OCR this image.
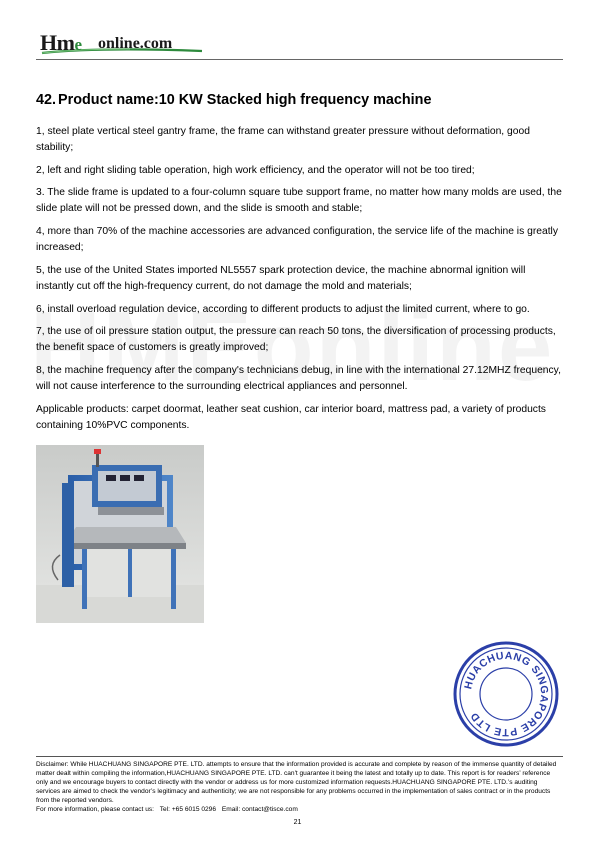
Hme online.com
42. Product name:10 KW Stacked high frequency machine

1, steel plate vertical steel gantry frame, the frame can withstand greater pressure without deformation, good stability;

2, left and right sliding table operation, high work efficiency, and the operator will not be too tired;

3. The slide frame is updated to a four-column square tube support frame, no matter how many molds are used, the slide plate will not be pressed down, and the slide is smooth and stable;

4, more than 70% of the machine accessories are advanced configuration, the service life of the machine is greatly increased;

5, the use of the United States imported NL5557 spark protection device, the machine abnormal ignition will instantly cut off the high-frequency current, do not damage the mold and materials;

6, install overload regulation device, according to different products to adjust the limited current, where to go.

7, the use of oil pressure station output, the pressure can reach 50 tons, the diversification of processing products, the benefit space of customers is greatly improved;

8, the machine frequency after the company's technicians debug, in line with the international 27.12MHZ frequency, will not cause interference to the surrounding electrical appliances and personnel.

Applicable products: carpet doormat, leather seat cushion, car interior board, mattress pad, a variety of products containing 10%PVC components.

HUACHUANG SINGAPORE PTE LTD

Disclaimer: While HUACHUANG SINGAPORE PTE. LTD. attempts to ensure that the information provided is accurate and complete by reason of the immense quantity of detailed matter dealt within compiling the information,HUACHUANG SINGAPORE PTE. LTD. can't guarantee it being the latest and totally up to date. This report is for readers’ reference only and we encourage buyers to contact directly with the vendor or address us for more customized information requests.HUACHUANG SINGAPORE PTE. LTD.’s auditing services are aimed to check the vendor’s legitimacy and authenticity; we are not responsible for any problems occurred in the implementation of sales contract or in the products from the reported vendors.

For more information, please contact us: Tel: +65 6015 0296 Email: contact@tisce.com
21
